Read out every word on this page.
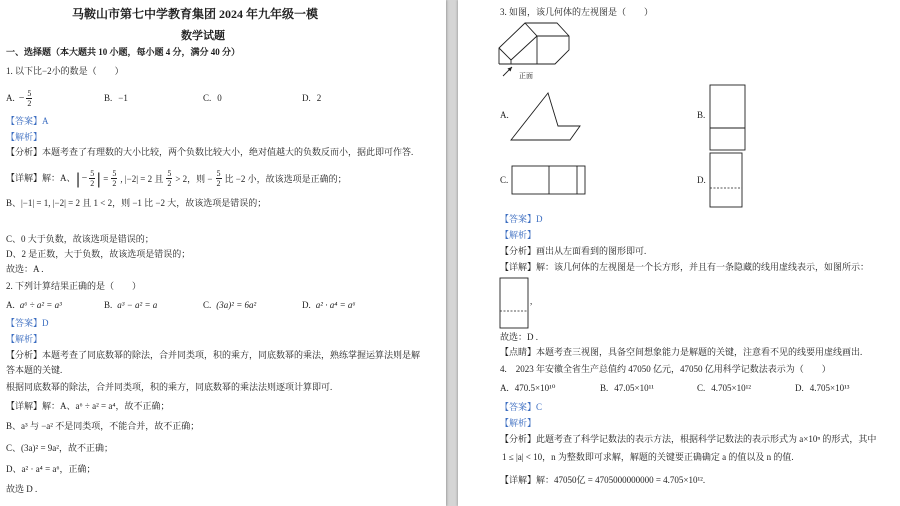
马鞍山市第七中学教育集团 2024 年九年级一模
数学试题
一、选择题（本大题共 10 小题，每小题 4 分，满分 40 分）
1. 以下比−2小的数是（　　）
A. − $\frac{5}{2}$	B. −1	C. 0	D. 2
【答案】A
【解析】
【分析】本题考查了有理数的大小比较，两个负数比较大小，绝对值越大的负数反而小，据此即可作答.
【详解】解：A、|− $\frac{5}{2}$ | = $\frac{5}{2}$ , |−2| = 2 且 $\frac{5}{2} > 2$，则 − $\frac{5}{2}$ 比 −2 小，故该选项是正确的；
B、|−1| = 1, |−2| = 2 且 1 < 2，则 −1 比 −2 大，故该选项是错误的；
C、0 大于负数，故该选项是错误的；
D、2 是正数，大于负数，故该选项是错误的；
故选：A .
2. 下列计算结果正确的是（　　）
A. a⁶ ÷ a² = a³	B. a³ − a² = a	C. (3a)² = 6a²	D. a² · a⁴ = a⁶
【答案】D
【解析】
【分析】本题考查了同底数幂的除法，合并同类项，积的乘方，同底数幂的乘法，熟练掌握运算法则是解
答本题的关键.
根据同底数幂的除法，合并同类项，积的乘方，同底数幂的乘法法则逐项计算即可.
【详解】解：A、a⁶ ÷ a² = a⁴，故不正确；
B、a³ 与 −a² 不是同类项，不能合并，故不正确；
C、(3a)² = 9a²，故不正确；
D、a² · a⁴ = a⁶，正确；
故选 D .
3. 如图，该几何体的左视图是（　　）
正面
A.	B.
C.	D.
【答案】D
【解析】
【分析】画出从左面看到的图形即可.
【详解】解：该几何体的左视图是一个长方形，并且有一条隐藏的线用虚线表示，如图所示：
,
故选：D .
【点睛】本题考查三视图，具备空间想象能力是解题的关键，注意看不见的线要用虚线画出.
4.　2023 年安徽全省生产总值约 47050 亿元，47050 亿用科学记数法表示为（　　）
A. 470.5×10¹⁰	B. 47.05×10¹¹	C. 4.705×10¹²	D. 4.705×10¹³
【答案】C
【解析】
【分析】此题考查了科学记数法的表示方法，根据科学记数法的表示形式为 a×10ⁿ 的形式，其中
1 ≤ |a| < 10，n 为整数即可求解，解题的关键要正确确定 a 的值以及 n 的值.
【详解】解：47050亿 = 4705000000000 = 4.705×10¹².
